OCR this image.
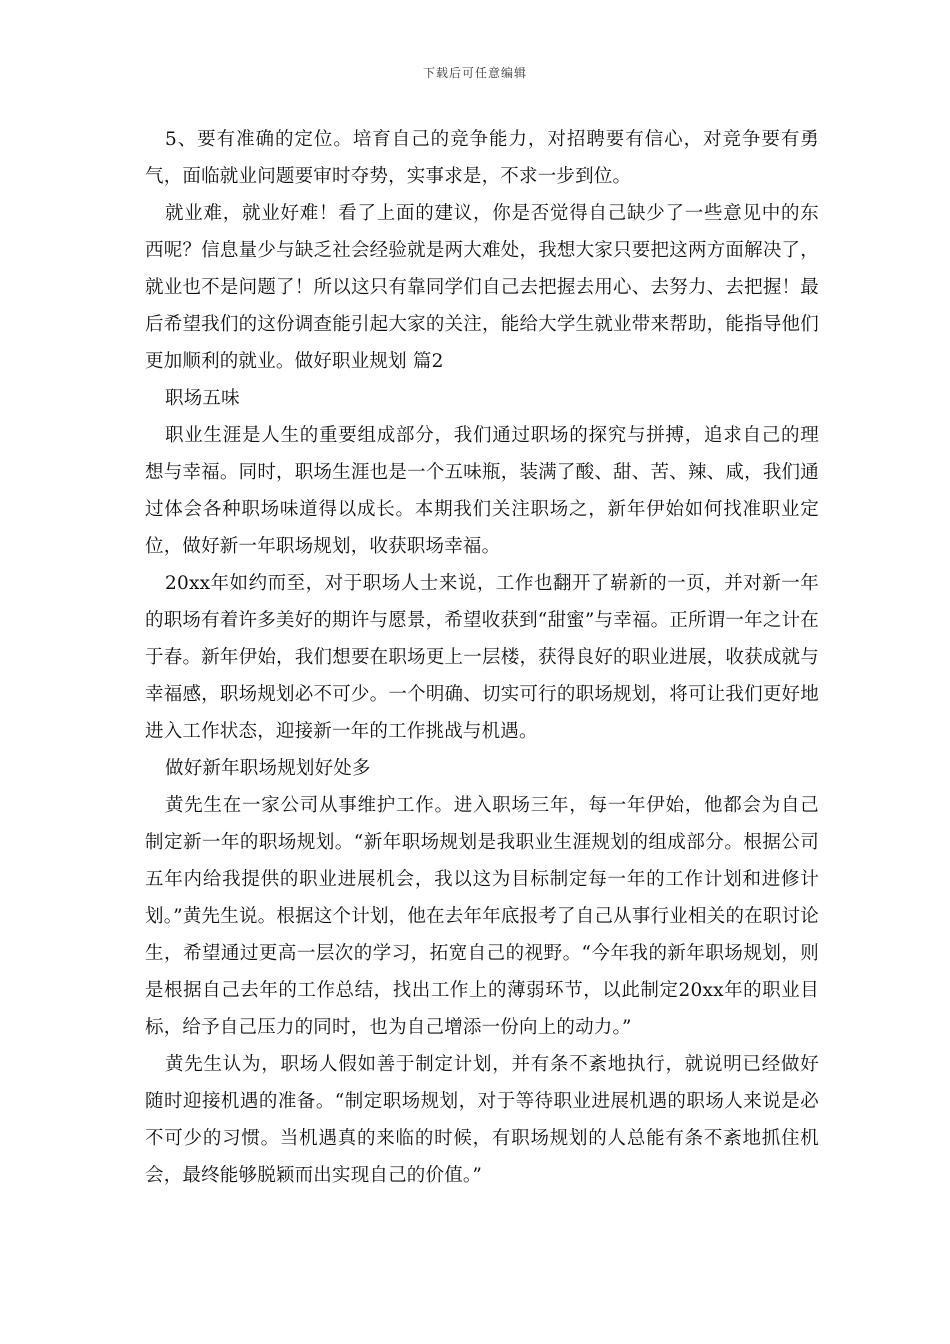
下载后可任意编辑

5、要有准确的定位。培育自己的竞争能力，对招聘要有信心，对竞争要有勇气，面临就业问题要审时夺势，实事求是，不求一步到位。

就业难，就业好难！看了上面的建议，你是否觉得自己缺少了一些意见中的东西呢？信息量少与缺乏社会经验就是两大难处，我想大家只要把这两方面解决了，就业也不是问题了！所以这只有靠同学们自己去把握去用心、去努力、去把握！最后希望我们的这份调查能引起大家的关注，能给大学生就业带来帮助，能指导他们更加顺利的就业。做好职业规划 篇2

职场五味

职业生涯是人生的重要组成部分，我们通过职场的探究与拼搏，追求自己的理想与幸福。同时，职场生涯也是一个五味瓶，装满了酸、甜、苦、辣、咸，我们通过体会各种职场味道得以成长。本期我们关注职场之，新年伊始如何找准职业定位，做好新一年职场规划，收获职场幸福。

20xx年如约而至，对于职场人士来说，工作也翻开了崭新的一页，并对新一年的职场有着许多美好的期许与愿景，希望收获到“甜蜜”与幸福。正所谓一年之计在于春。新年伊始，我们想要在职场更上一层楼，获得良好的职业进展，收获成就与幸福感，职场规划必不可少。一个明确、切实可行的职场规划，将可让我们更好地进入工作状态，迎接新一年的工作挑战与机遇。

做好新年职场规划好处多

黄先生在一家公司从事维护工作。进入职场三年，每一年伊始，他都会为自己制定新一年的职场规划。“新年职场规划是我职业生涯规划的组成部分。根据公司五年内给我提供的职业进展机会，我以这为目标制定每一年的工作计划和进修计划。”黄先生说。根据这个计划，他在去年年底报考了自己从事行业相关的在职讨论生，希望通过更高一层次的学习，拓宽自己的视野。“今年我的新年职场规划，则是根据自己去年的工作总结，找出工作上的薄弱环节，以此制定20xx年的职业目标，给予自己压力的同时，也为自己增添一份向上的动力。”

黄先生认为，职场人假如善于制定计划，并有条不紊地执行，就说明已经做好随时迎接机遇的准备。“制定职场规划，对于等待职业进展机遇的职场人来说是必不可少的习惯。当机遇真的来临的时候，有职场规划的人总能有条不紊地抓住机会，最终能够脱颖而出实现自己的价值。”
